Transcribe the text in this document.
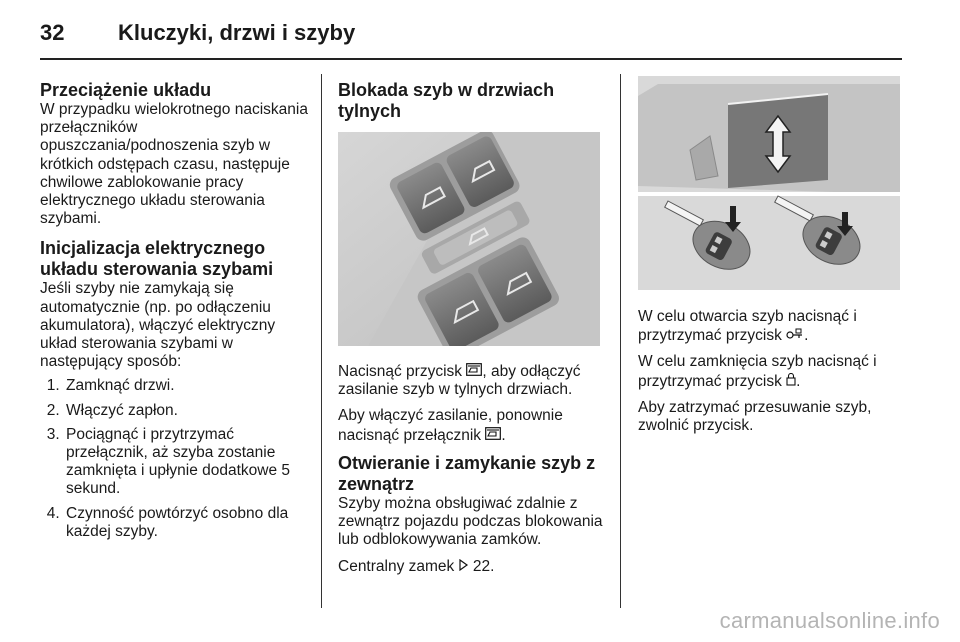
32 Kluczyki, drzwi i szyby
Przeciążenie układu

W przypadku wielokrotnego naciskania przełączników opuszczania/podnoszenia szyb w krótkich odstępach czasu, następuje chwilowe zablokowanie pracy elektrycznego układu sterowania szybami.

Inicjalizacja elektrycznego układu sterowania szybami

Jeśli szyby nie zamykają się automatycznie (np. po odłączeniu akumulatora), włączyć elektryczny układ sterowania szybami w następujący sposób:

1. Zamknąć drzwi.
2. Włączyć zapłon.
3. Pociągnąć i przytrzymać przełącznik, aż szyba zostanie zamknięta i upłynie dodatkowe 5 sekund.
4. Czynność powtórzyć osobno dla każdej szyby.
Blokada szyb w drzwiach tylnych

Nacisnąć przycisk , aby odłączyć zasilanie szyb w tylnych drzwiach.

Aby włączyć zasilanie, ponownie nacisnąć przełącznik .

Otwieranie i zamykanie szyb z zewnątrz

Szyby można obsługiwać zdalnie z zewnątrz pojazdu podczas blokowania lub odblokowywania zamków.

Centralny zamek  22.

W celu otwarcia szyb nacisnąć i przytrzymać przycisk .

W celu zamknięcia szyb nacisnąć i przytrzymać przycisk .

Aby zatrzymać przesuwanie szyb, zwolnić przycisk.

carmanualsonline.info
